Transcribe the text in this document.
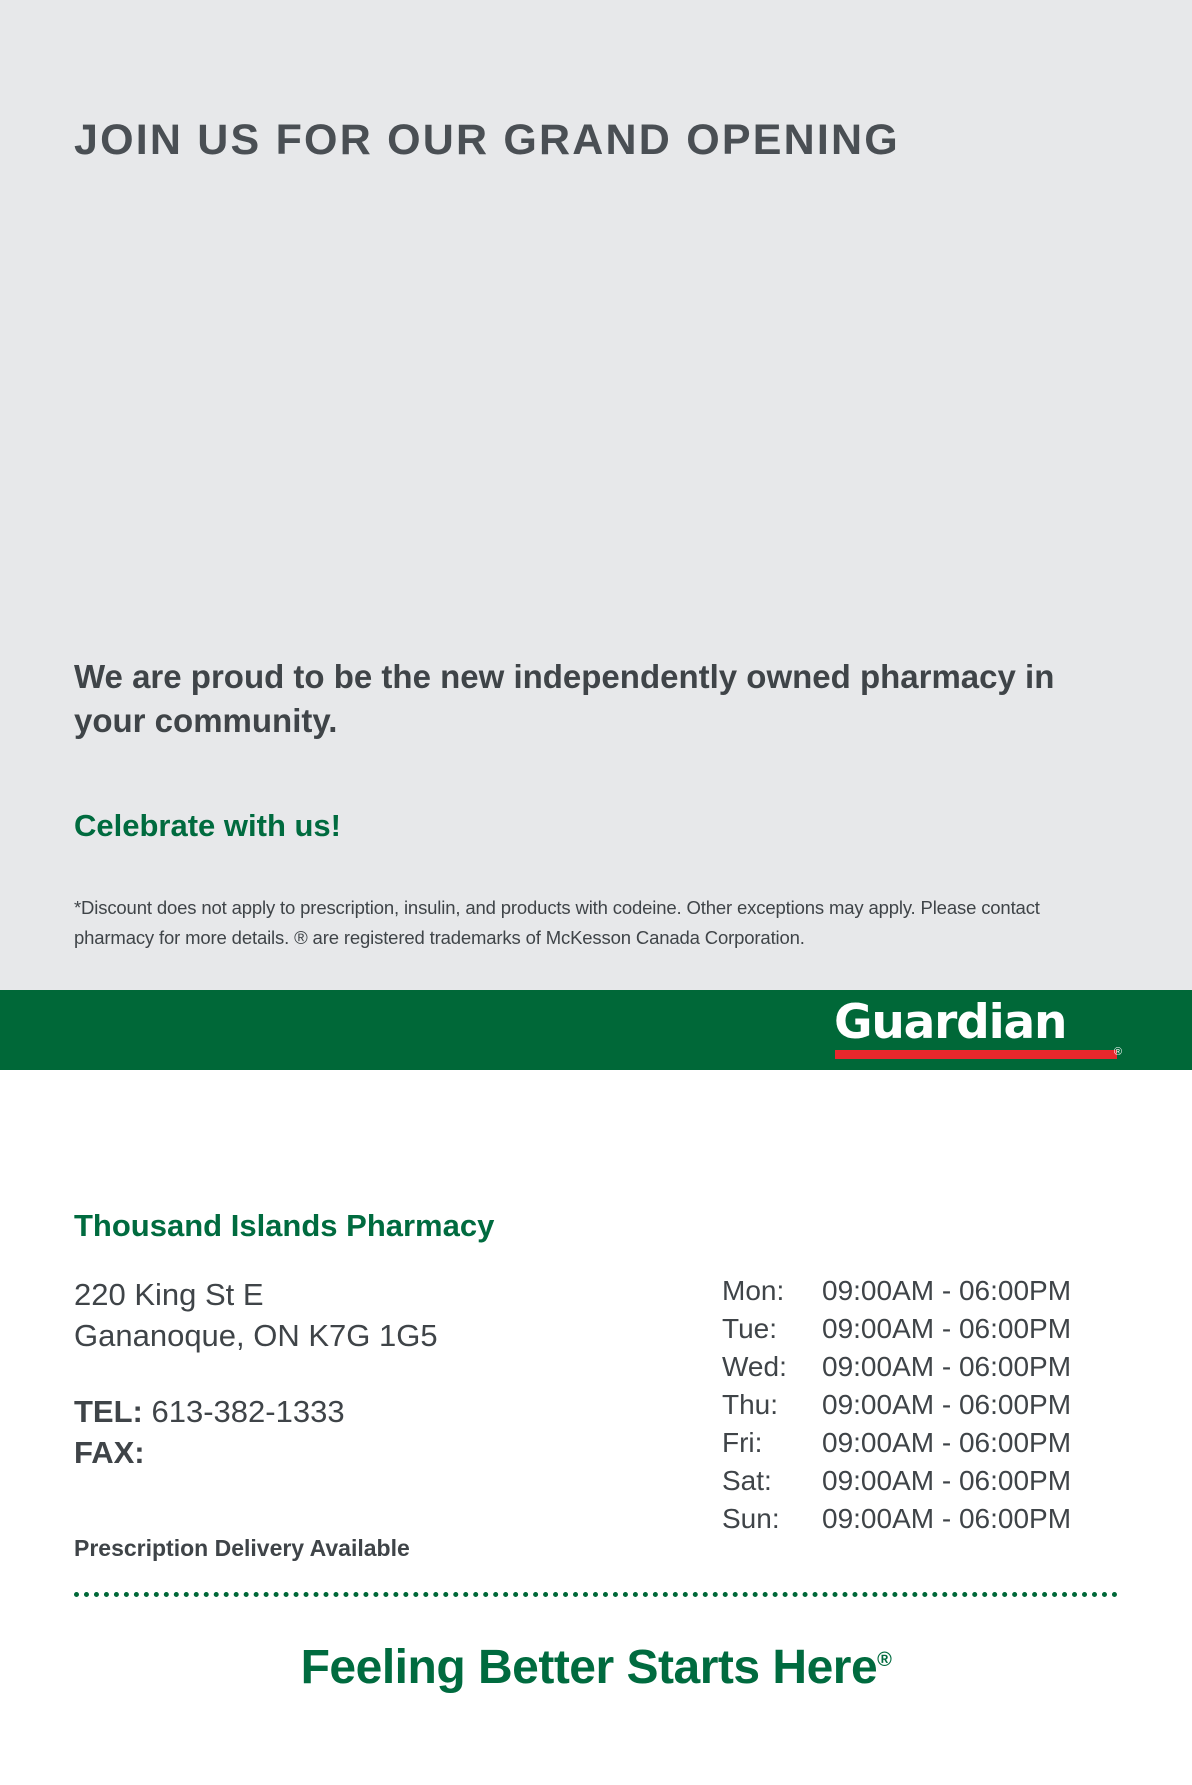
JOIN US FOR OUR GRAND OPENING
We are proud to be the new independently owned pharmacy in your community.
Celebrate with us!
*Discount does not apply to prescription, insulin, and products with codeine. Other exceptions may apply. Please contact pharmacy for more details. ® are registered trademarks of McKesson Canada Corporation.
Guardian
®
Thousand Islands Pharmacy
220 King St E
Gananoque, ON K7G 1G5
TEL: 613-382-1333
FAX:
Prescription Delivery Available
Mon:	09:00AM - 06:00PM
Tue:	09:00AM - 06:00PM
Wed:	09:00AM - 06:00PM
Thu:	09:00AM - 06:00PM
Fri:	09:00AM - 06:00PM
Sat:	09:00AM - 06:00PM
Sun:	09:00AM - 06:00PM
Feeling Better Starts Here®
